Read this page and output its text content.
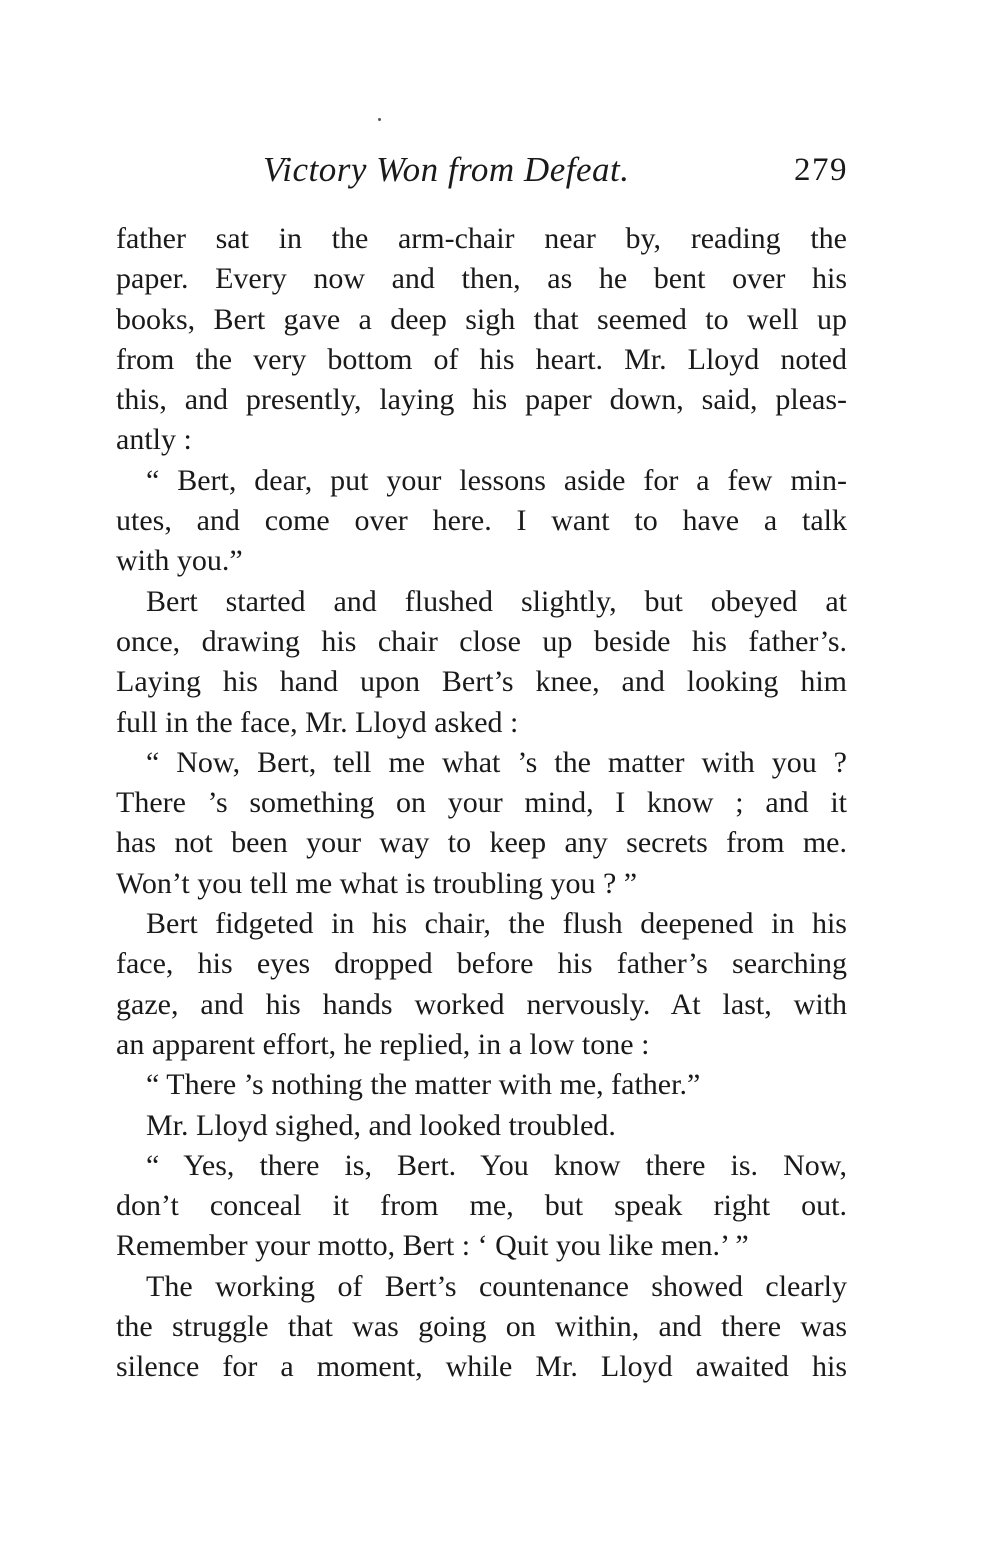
Victory Won from Defeat.	279
father sat in the arm-chair near by, reading the
paper. Every now and then, as he bent over his
books, Bert gave a deep sigh that seemed to well up
from the very bottom of his heart. Mr. Lloyd noted
this, and presently, laying his paper down, said, pleas-
antly :
“ Bert, dear, put your lessons aside for a few min-
utes, and come over here. I want to have a talk
with you.”
Bert started and flushed slightly, but obeyed at
once, drawing his chair close up beside his father’s.
Laying his hand upon Bert’s knee, and looking him
full in the face, Mr. Lloyd asked :
“ Now, Bert, tell me what ’s the matter with you ?
There ’s something on your mind, I know ; and it
has not been your way to keep any secrets from me.
Won’t you tell me what is troubling you ? ”
Bert fidgeted in his chair, the flush deepened in his
face, his eyes dropped before his father’s searching
gaze, and his hands worked nervously. At last, with
an apparent effort, he replied, in a low tone :
“ There ’s nothing the matter with me, father.”
Mr. Lloyd sighed, and looked troubled.
“ Yes, there is, Bert. You know there is. Now,
don’t conceal it from me, but speak right out.
Remember your motto, Bert : ‘ Quit you like men.’ ”
The working of Bert’s countenance showed clearly
the struggle that was going on within, and there was
silence for a moment, while Mr. Lloyd awaited his
